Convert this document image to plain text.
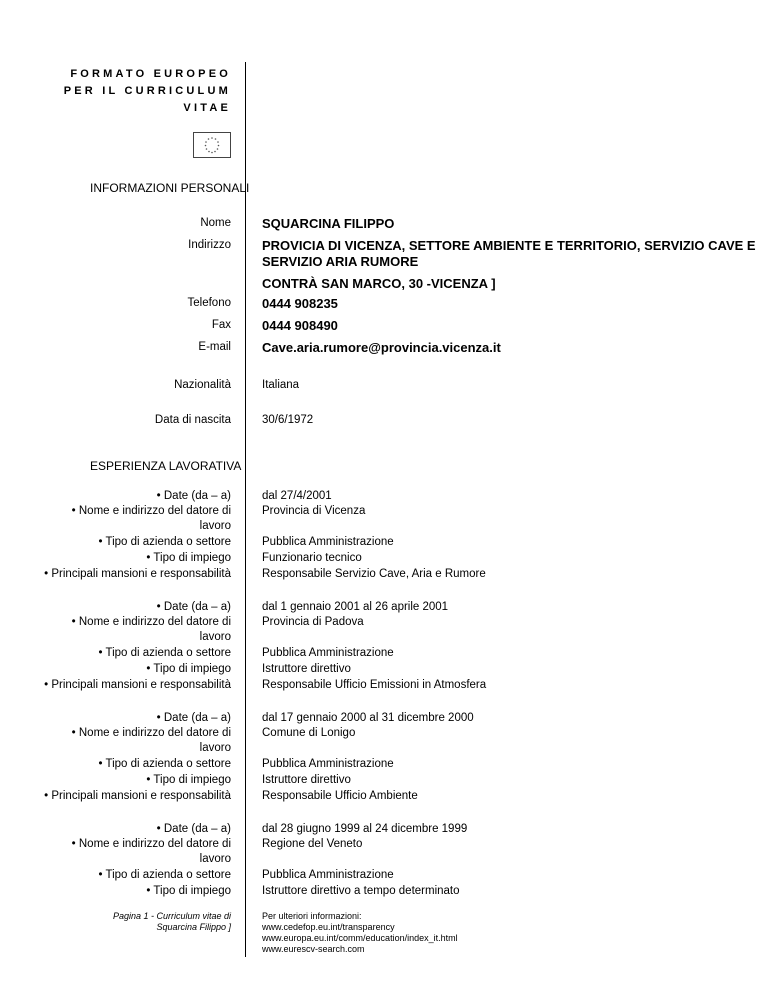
FORMATO EUROPEO
PER IL CURRICULUM
VITAE
INFORMAZIONI PERSONALI
Nome SQUARCINA FILIPPO
Indirizzo PROVICIA DI VICENZA, SETTORE AMBIENTE E TERRITORIO, SERVIZIO CAVE E
SERVIZIO ARIA RUMORE
CONTRÀ SAN MARCO, 30 -VICENZA ]
Telefono 0444 908235
Fax 0444 908490
E-mail Cave.aria.rumore@provincia.vicenza.it
Nazionalità	Italiana
Data di nascita	30/6/1972
ESPERIENZA LAVORATIVA
• Date (da – a)	dal 27/4/2001
• Nome e indirizzo del datore di	Provincia di Vicenza
lavoro
• Tipo di azienda o settore	Pubblica Amministrazione
• Tipo di impiego	Funzionario tecnico
• Principali mansioni e responsabilità	Responsabile Servizio Cave, Aria e Rumore
• Date (da – a)	dal 1 gennaio 2001 al 26 aprile 2001
• Nome e indirizzo del datore di	Provincia di Padova
lavoro
• Tipo di azienda o settore	Pubblica Amministrazione
• Tipo di impiego	Istruttore direttivo
• Principali mansioni e responsabilità	Responsabile Ufficio Emissioni in Atmosfera
• Date (da – a)	dal 17 gennaio 2000 al 31 dicembre 2000
• Nome e indirizzo del datore di	Comune di Lonigo
lavoro
• Tipo di azienda o settore	Pubblica Amministrazione
• Tipo di impiego	Istruttore direttivo
• Principali mansioni e responsabilità	Responsabile Ufficio Ambiente
• Date (da – a)	dal 28 giugno 1999 al 24 dicembre 1999
• Nome e indirizzo del datore di	Regione del Veneto
lavoro
• Tipo di azienda o settore	Pubblica Amministrazione
• Tipo di impiego	Istruttore direttivo a tempo determinato
Pagina 1 - Curriculum vitae di
Squarcina Filippo ]
Per ulteriori informazioni:
www.cedefop.eu.int/transparency
www.europa.eu.int/comm/education/index_it.html
www.eurescv-search.com
